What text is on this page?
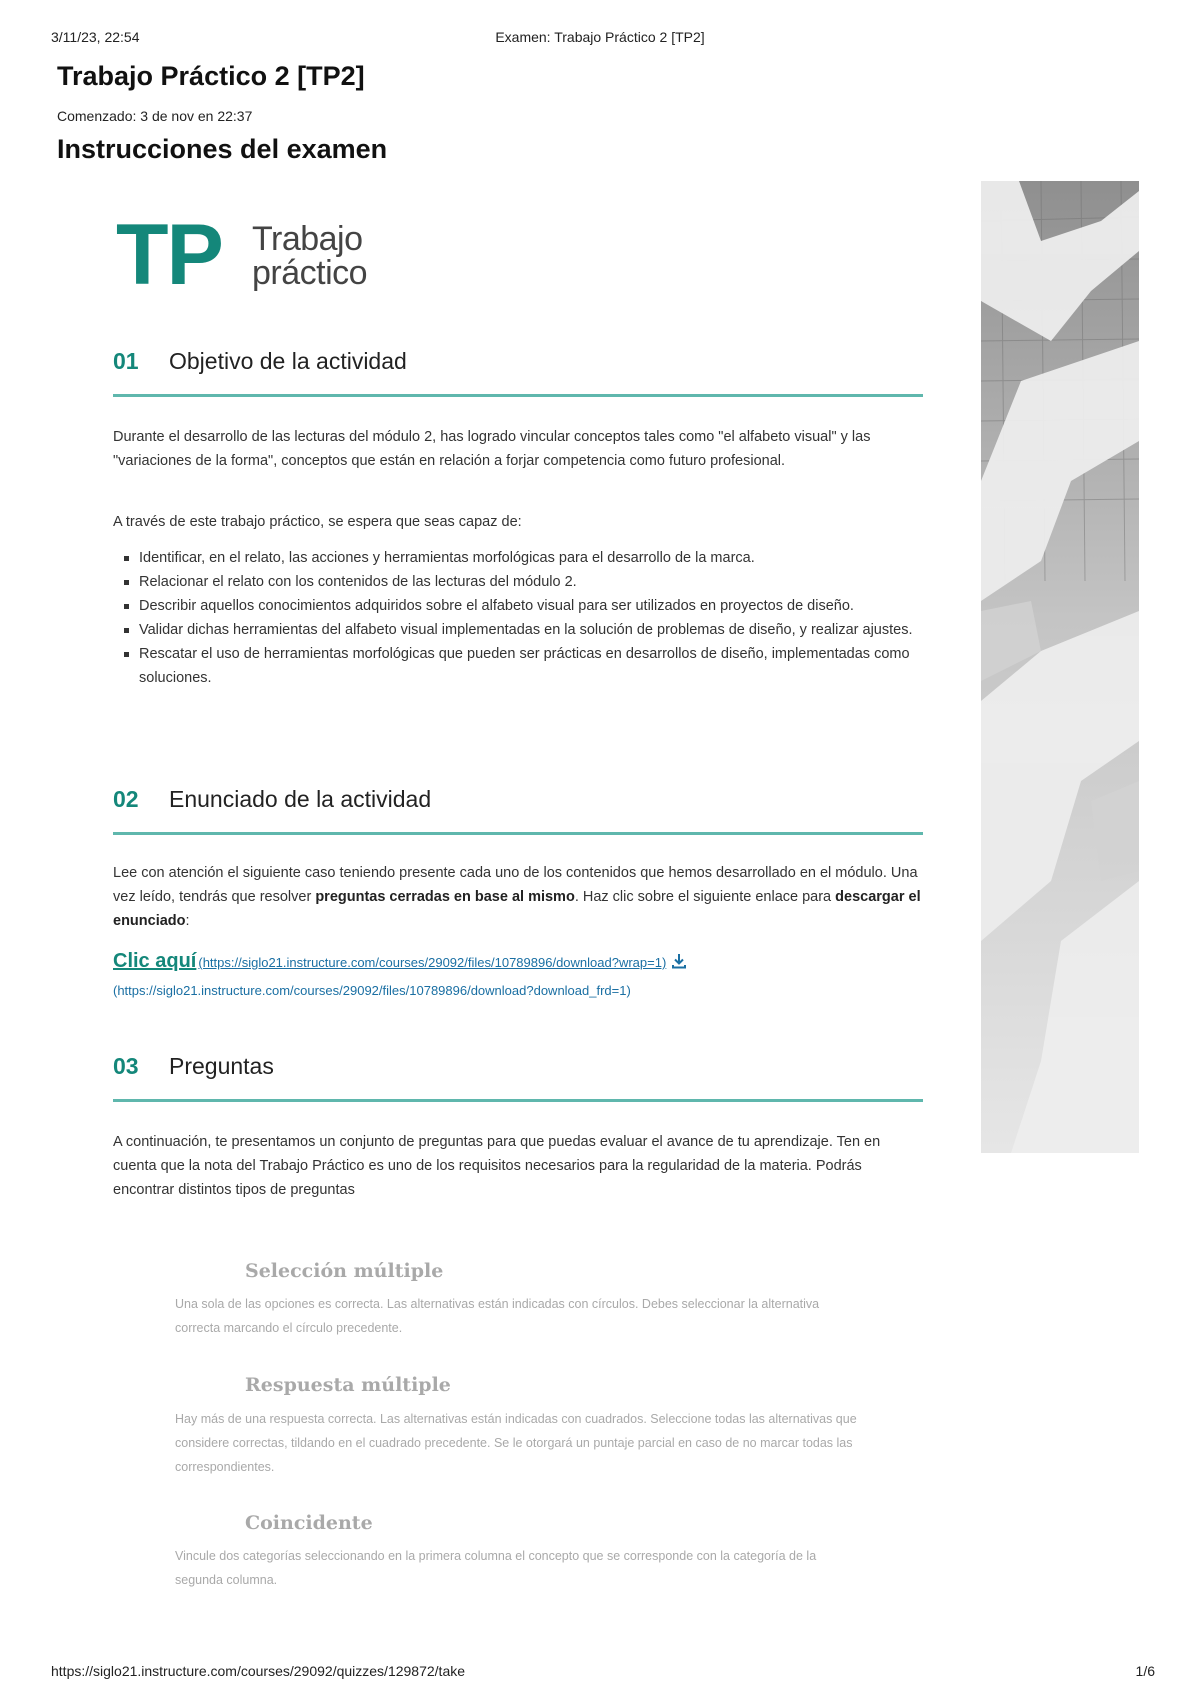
3/11/23, 22:54	Examen: Trabajo Práctico 2 [TP2]
Trabajo Práctico 2 [TP2]
Comenzado: 3 de nov en 22:37
Instrucciones del examen
TP Trabajo
práctico
01 Objetivo de la actividad

Durante el desarrollo de las lecturas del módulo 2, has logrado vincular conceptos tales como "el alfabeto visual" y las "variaciones de la forma", conceptos que están en relación a forjar competencia como futuro profesional.

A través de este trabajo práctico, se espera que seas capaz de:

Identificar, en el relato, las acciones y herramientas morfológicas para el desarrollo de la marca.
Relacionar el relato con los contenidos de las lecturas del módulo 2.
Describir aquellos conocimientos adquiridos sobre el alfabeto visual para ser utilizados en proyectos de diseño.
Validar dichas herramientas del alfabeto visual implementadas en la solución de problemas de diseño, y realizar ajustes.
Rescatar el uso de herramientas morfológicas que pueden ser prácticas en desarrollos de diseño, implementadas como soluciones.
02 Enunciado de la actividad

Lee con atención el siguiente caso teniendo presente cada uno de los contenidos que hemos desarrollado en el módulo. Una vez leído, tendrás que resolver preguntas cerradas en base al mismo. Haz clic sobre el siguiente enlace para descargar el enunciado:

Clic aquí (https://siglo21.instructure.com/courses/29092/files/10789896/download?wrap=1)
(https://siglo21.instructure.com/courses/29092/files/10789896/download?download_frd=1)
03 Preguntas

A continuación, te presentamos un conjunto de preguntas para que puedas evaluar el avance de tu aprendizaje. Ten en cuenta que la nota del Trabajo Práctico es uno de los requisitos necesarios para la regularidad de la materia. Podrás encontrar distintos tipos de preguntas

Selección múltiple

Una sola de las opciones es correcta. Las alternativas están indicadas con círculos. Debes seleccionar la alternativa correcta marcando el círculo precedente.

Respuesta múltiple

Hay más de una respuesta correcta. Las alternativas están indicadas con cuadrados. Seleccione todas las alternativas que considere correctas, tildando en el cuadrado precedente. Se le otorgará un puntaje parcial en caso de no marcar todas las correspondientes.

Coincidente

Vincule dos categorías seleccionando en la primera columna el concepto que se corresponde con la categoría de la segunda columna.

https://siglo21.instructure.com/courses/29092/quizzes/129872/take	1/6
